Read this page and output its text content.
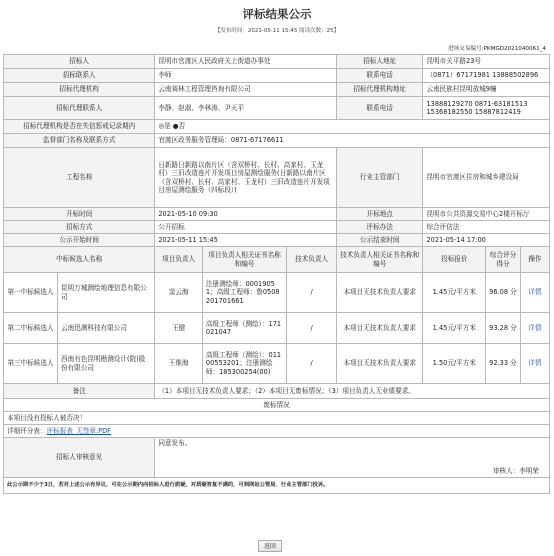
评标结果公示
【发布时间：2021-05-11 15:45 阅读次数：25】
进场交易编号:PKMGD2021040061_4
招标人		昆明市官渡区人民政府关上街道办事处			招标人地址	昆明市关平路23号		
招标联系人		李师			联系电话	（0871）67171981 13888502896		
招标代理机构		云南赛林工程管理咨询有限公司			招标代理机构地址	云南民族村昆明放城9幢		
招标代理联系人		李静、赵淑、李林涛、尹天平			联系电话	13888129270 0871-63181513
15368182550 15887812419		
招标代理机构是否在失信惩戒记录期内		◎是 ●否						
监督部门名称及联系方式		官渡区政务服务管理局：0871-67176611						
工程名称		日新路日新路以南片区（含双桥村、长村、高家村、玉龙村）三旧改造连片开发项目房屋测绘服务(日新路以南片区（含双桥村、长村、高家村、玉龙村）三旧改造连片开发项目房屋测绘服务（四标段）)			行业主管部门	昆明市官渡区住房和城乡建设局		
开标时间		2021-05-10 09:30			开标地点	昆明市公共资源交易中心2楼开标厅		
招标方式		公开招标			评标办法	综合评估法		
公示开始时间		2021-05-11 15:45			公示结束时间	2021-05-14 17:00		
中标候选人名称		项目负责人	项目负责人相关证书名称和编号	技术负责人	技术负责人相关证书名称和编号	投标报价	综合评分得分	操作
第一中标候选人	昆明万城测绘地理信息有限公司	窦云海	注册测绘师：00019051；高级工程师：鲁0508201701661	/	本项目无技术负责人要求	1.45元/平方米	96.08 分	详情
第二中标候选人	云南迅测科技有限公司	王健	高级工程师（测绘）：171021047	/	本项目无技术负责人要求	1.45元/平方米	93.28 分	详情
第三中标候选人	西南有色昆明勘测设计(院)股份有限公司	王维海	高级工程师（测绘）：01100553201；注册测绘师：185300254(00)	/	本项目无技术负责人要求	1.50元/平方米	92.33 分	详情
备注		（1）本项目无技术负责人要求；（2）本项目无废标情况；（3）项目负责人无业绩要求。						
废标情况								
本项目没有投标人被否决！								
详细评分表：评标报表_无签章.PDF								
招标人审核意见		同意发布。
审核人：李明荣						

此公示期不少于3日，若对上述公示有异议，可在公示期内向招标人进行质疑，对质疑答复不满的，可到网站公管局、行业主管部门投诉。								
返回
